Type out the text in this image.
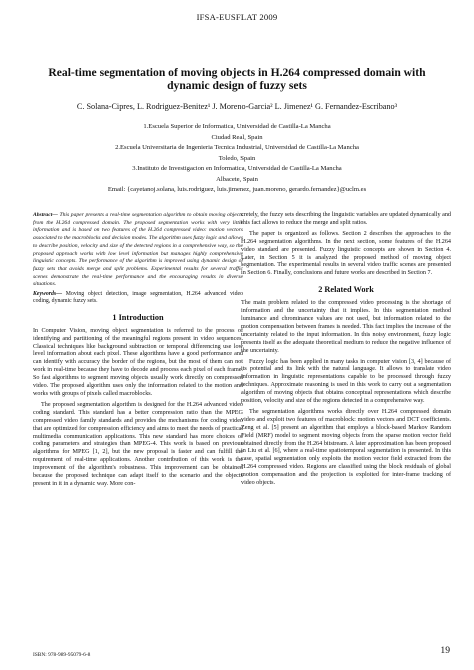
IFSA-EUSFLAT 2009
Real-time segmentation of moving objects in H.264 compressed domain with
dynamic design of fuzzy sets
C. Solana-Cipres, L. Rodriguez-Benitez¹ J. Moreno-Garcia² L. Jimenez¹ G. Fernandez-Escribano³
1.Escuela Superior de Informatica, Universidad de Castilla-La Mancha
Ciudad Real, Spain
2.Escuela Universitaria de Ingenieria Tecnica Industrial, Universidad de Castilla-La Mancha
Toledo, Spain
3.Instituto de Investigacion en Informatica, Universidad de Castilla-La Mancha
Albacete, Spain
Email: {cayetanoj.solana, luis.rodriguez, luis.jimenez, juan.moreno, gerardo.fernandez}@uclm.es
Abstract— This paper presents a real-time segmentation algorithm to obtain moving objects from the H.264 compressed domain. The proposed segmentation works with very little information and is based on two features of the H.264 compressed video: motion vectors associated to the macroblocks and decision modes. The algorithm uses fuzzy logic and allows to describe position, velocity and size of the detected regions in a comprehensive way, so the proposed approach works with low level information but manages highly comprehensive linguistic concepts. The performance of the algorithm is improved using dynamic design of fuzzy sets that avoids merge and split problems. Experimental results for several traffic scenes demonstrate the real-time performance and the encouraging results in diverse situations.
Keywords— Moving object detection, image segmentation, H.264 advanced video coding, dynamic fuzzy sets.
1 Introduction

In Computer Vision, moving object segmentation is referred to the process of identifying and partitioning of the meaningful regions present in video sequences. Classical techniques like background subtraction or temporal differencing use low level information about each pixel. These algorithms have a good performance and can identify with accuracy the border of the regions, but the most of them can not work in real-time because they have to decode and process each pixel of each frame. So fast algorithms to segment moving objects usually work directly on compressed video. The proposed algorithm uses only the information related to the motion and works with groups of pixels called macroblocks.

The proposed segmentation algorithm is designed for the H.264 advanced video coding standard. This standard has a better compression ratio than the MPEG compressed video family standards and provides the mechanisms for coding video that are optimized for compression efficiency and aims to meet the needs of practical multimedia communication applications. This new standard has more choices of coding parameters and strategies than MPEG-4. This work is based on previous algorithms for MPEG [1, 2], but the new proposal is faster and can fulfill the requirement of real-time applications. Another contribution of this work is the improvement of the algorithm's robustness. This improvement can be obtained because the proposed technique can adapt itself to the scenario and the objects present in it in a dynamic way. More con-

cretely, the fuzzy sets describing the linguistic variables are updated dynamically and this fact allows to reduce the merge and split ratios.

The paper is organized as follows. Section 2 describes the approaches to the H.264 segmentation algorithms. In the next section, some features of the H.264 video standard are presented. Fuzzy linguistic concepts are shown in Section 4. Later, in Section 5 it is analyzed the proposed method of moving object segmentation. The experimental results in several video traffic scenes are presented in Section 6. Finally, conclusions and future works are described in Section 7.

2 Related Work

The main problem related to the compressed video processing is the shortage of information and the uncertainty that it implies. In this segmentation method luminance and chrominance values are not used, but information related to the motion compensation between frames is needed. This fact implies the increase of the uncertainty related to the input information. In this noisy environment, fuzzy logic presents itself as the adequate theoretical medium to reduce the negative influence of the uncertainty.

Fuzzy logic has been applied in many tasks in computer vision [3, 4] because of its potential and its link with the natural language. It allows to translate video information in linguistic representations capable to be processed through fuzzy techniques. Approximate reasoning is used in this work to carry out a segmentation algorithm of moving objects that obtains conceptual representations which describe position, velocity and size of the regions detected in a comprehensive way.

The segmentation algorithms works directly over H.264 compressed domain video and exploit two features of macroblock: motion vectors and DCT coefficients. Zeng et al. [5] present an algorithm that employs a block-based Markov Random Field (MRF) model to segment moving objects from the sparse motion vector field obtained directly from the H.264 bitstream. A later approximation has been proposed in Liu et al. [6], where a real-time spatiotemporal segmentation is presented. In this case, spatial segmentation only exploits the motion vector field extracted from the H.264 compressed video. Regions are classified using the block residuals of global motion compensation and the projection is exploited for inter-frame tracking of video objects.

ISBN: 978-989-95079-6-8	19
